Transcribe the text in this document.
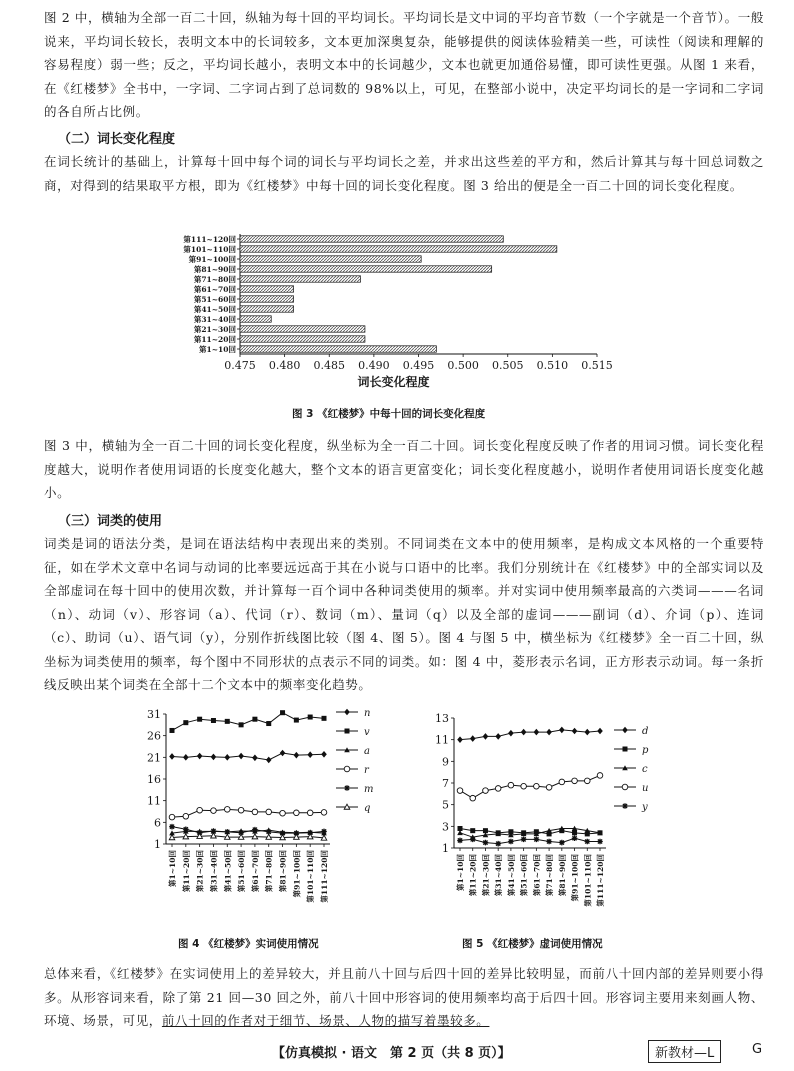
图 2 中，横轴为全部一百二十回，纵轴为每十回的平均词长。平均词长是文中词的平均音节数（一个字就是一个音节）。一般说来，平均词长较长，表明文本中的长词较多，文本更加深奥复杂，能够提供的阅读体验精美一些，可读性（阅读和理解的容易程度）弱一些；反之，平均词长越小，表明文本中的长词越少，文本也就更加通俗易懂，即可读性更强。从图 1 来看，在《红楼梦》全书中，一字词、二字词占到了总词数的 98%以上，可见，在整部小说中，决定平均词长的是一字词和二字词的各自所占比例。

（二）词长变化程度

在词长统计的基础上，计算每十回中每个词的词长与平均词长之差，并求出这些差的平方和，然后计算其与每十回总词数之商，对得到的结果取平方根，即为《红楼梦》中每十回的词长变化程度。图 3 给出的便是全一百二十回的词长变化程度。

第1~10回
第11~20回
第21~30回
第31~40回
第41~50回
第51~60回
第61~70回
第71~80回
第81~90回
第91~100回
第101~110回
第111~120回
0.475 0.480 0.485 0.490 0.495 0.500 0.505 0.510 0.515
词长变化程度
图 3 《红楼梦》中每十回的词长变化程度

图 3 中，横轴为全一百二十回的词长变化程度，纵坐标为全一百二十回。词长变化程度反映了作者的用词习惯。词长变化程度越大，说明作者使用词语的长度变化越大，整个文本的语言更富变化；词长变化程度越小，说明作者使用词语长度变化越小。

（三）词类的使用

词类是词的语法分类，是词在语法结构中表现出来的类别。不同词类在文本中的使用频率，是构成文本风格的一个重要特征，如在学术文章中名词与动词的比率要远远高于其在小说与口语中的比率。我们分别统计在《红楼梦》中的全部实词以及全部虚词在每十回中的使用次数，并计算每一百个词中各种词类使用的频率。并对实词中使用频率最高的六类词———名词（n）、动词（v）、形容词（a）、代词（r）、数词（m）、量词（q）以及全部的虚词———副词（d）、介词（p）、连词（c）、助词（u）、语气词（y），分别作折线图比较（图 4、图 5）。图 4 与图 5 中，横坐标为《红楼梦》全一百二十回，纵坐标为词类使用的频率，每个图中不同形状的点表示不同的词类。如：图 4 中，菱形表示名词，正方形表示动词。每一条折线反映出某个词类在全部十二个文本中的频率变化趋势。

1
6
11
16
21
26
31
第1~10回 第11~20回 第21~30回 第31~40回 第41~50回 第51~60回 第61~70回 第71~80回 第81~90回 第91~100回 第101~110回 第111~120回
n
v
a
r
m
q
1
3
5
7
9
11
13
第1~10回 第11~20回 第21~30回 第31~40回 第41~50回 第51~60回 第61~70回 第71~80回 第81~90回 第91~100回 第101~110回 第111~120回
d
p
c
u
y
图 4 《红楼梦》实词使用情况	图 5 《红楼梦》虚词使用情况

总体来看，《红楼梦》在实词使用上的差异较大，并且前八十回与后四十回的差异比较明显，而前八十回内部的差异则要小得多。从形容词来看，除了第 21 回—30 回之外，前八十回中形容词的使用频率均高于后四十回。形容词主要用来刻画人物、环境、场景，可见，前八十回的作者对于细节、场景、人物的描写着墨较多。

【仿真模拟 · 语文　第 2 页（共 8 页）】	新教材—L	G
